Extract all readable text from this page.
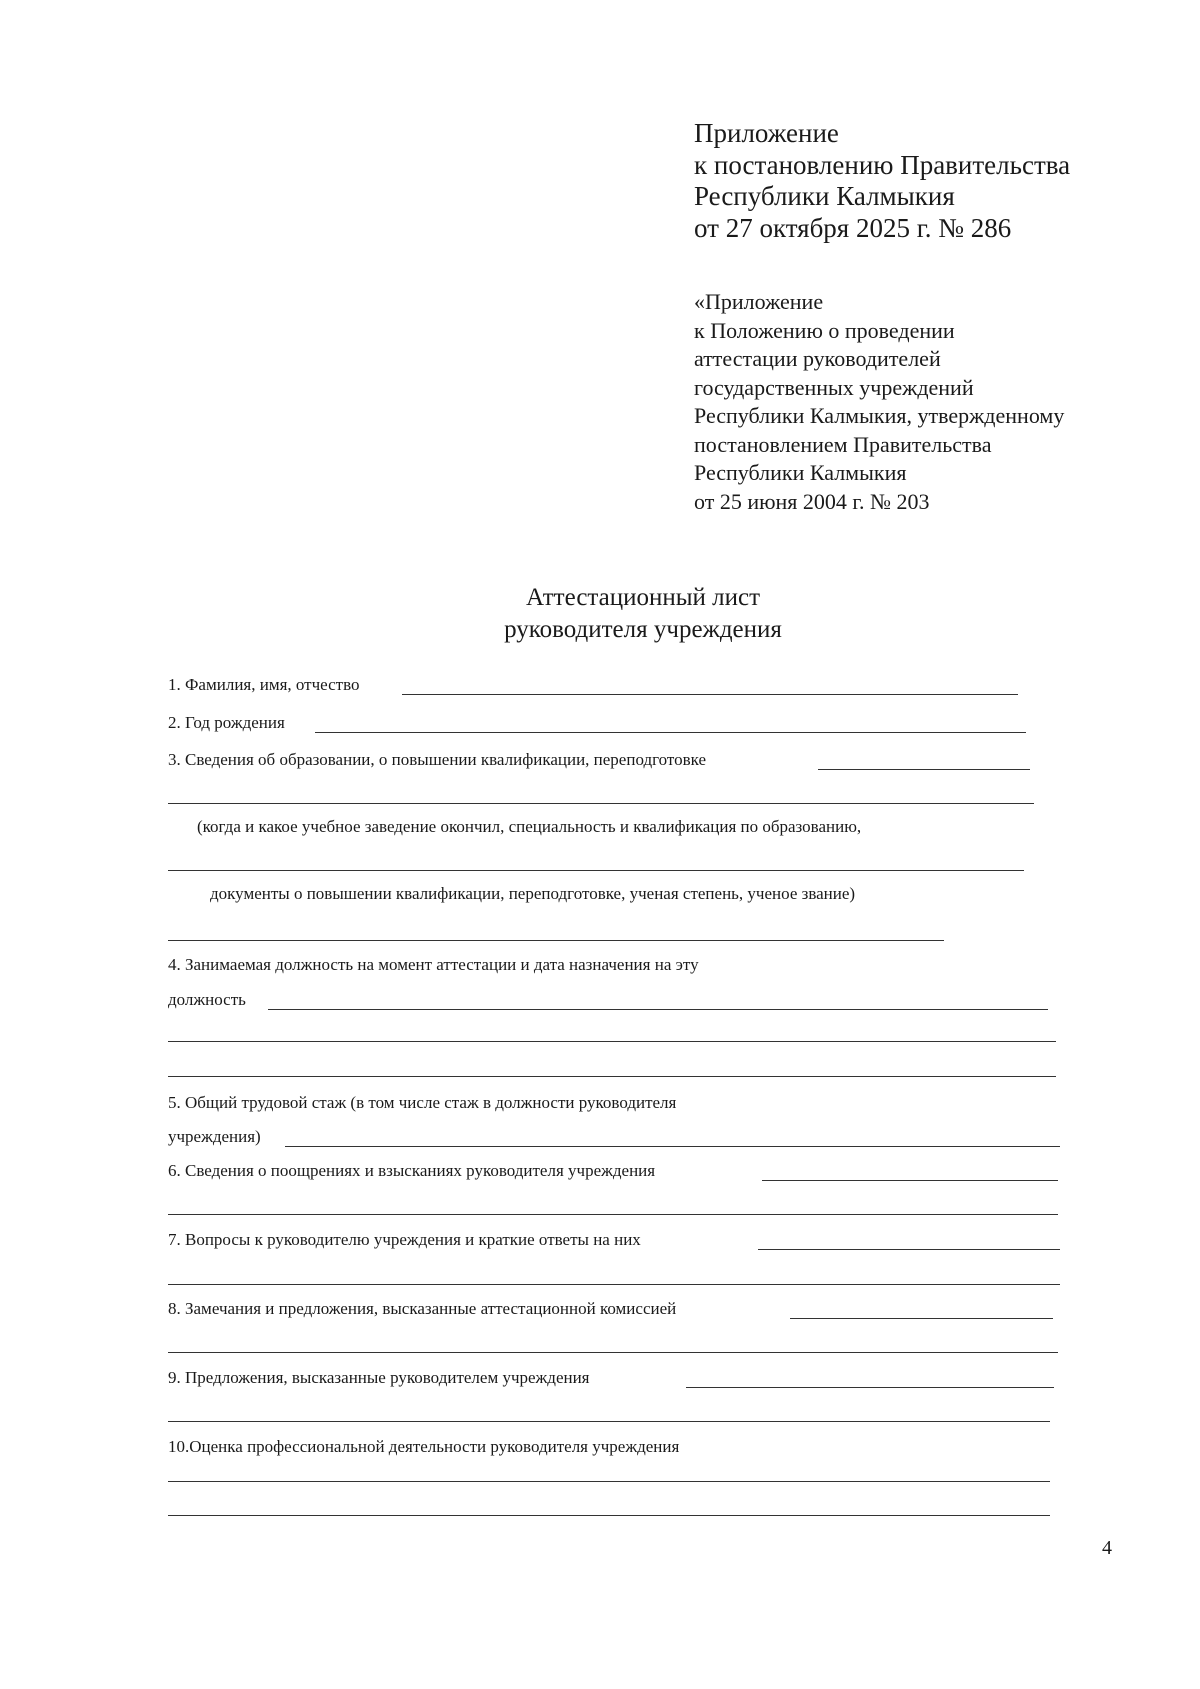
Приложение
к постановлению Правительства
Республики Калмыкия
от 27 октября 2025 г. № 286
«Приложение
к Положению о проведении
аттестации руководителей
государственных учреждений
Республики Калмыкия, утвержденному
постановлением Правительства
Республики Калмыкия
от 25 июня 2004 г. № 203
Аттестационный лист
руководителя учреждения
1. Фамилия, имя, отчество
2. Год рождения
3. Сведения об образовании, о повышении квалификации, переподготовке
(когда и какое учебное заведение окончил, специальность и квалификация по образованию,
документы о повышении квалификации, переподготовке, ученая степень, ученое звание)
4. Занимаемая должность на момент аттестации и дата назначения на эту
должность
5. Общий трудовой стаж (в том числе стаж в должности руководителя
учреждения)
6. Сведения о поощрениях и взысканиях руководителя учреждения
7. Вопросы к руководителю учреждения и краткие ответы на них
8. Замечания и предложения, высказанные аттестационной комиссией
9. Предложения, высказанные руководителем учреждения
10.Оценка профессиональной деятельности руководителя учреждения
4
